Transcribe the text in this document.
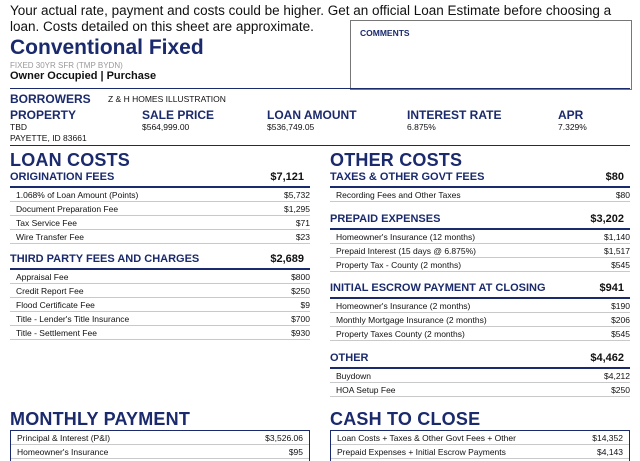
Your actual rate, payment and costs could be higher. Get an official Loan Estimate before choosing a loan. Costs detailed on this sheet are approximate.	COMMENTS
Conventional Fixed
FIXED 30YR SFR (TMP BYDN)
Owner Occupied | Purchase
BORROWERS Z & H HOMES ILLUSTRATION
PROPERTY
TBD
PAYETTE, ID 83661
SALE PRICE
$564,999.00
LOAN AMOUNT
$536,749.05
INTEREST RATE
6.875%
APR
7.329%
LOAN COSTS
ORIGINATION FEES	$7,121
1.068% of Loan Amount (Points)	$5,732
Document Preparation Fee	$1,295
Tax Service Fee	$71
Wire Transfer Fee	$23
THIRD PARTY FEES AND CHARGES	$2,689
Appraisal Fee	$800
Credit Report Fee	$250
Flood Certificate Fee	$9
Title - Lender's Title Insurance	$700
Title - Settlement Fee	$930
OTHER COSTS
TAXES & OTHER GOVT FEES	$80
Recording Fees and Other Taxes	$80
PREPAID EXPENSES	$3,202
Homeowner's Insurance (12 months)	$1,140
Prepaid Interest (15 days @ 6.875%)	$1,517
Property Tax - County (2 months)	$545
INITIAL ESCROW PAYMENT AT CLOSING	$941
Homeowner's Insurance (2 months)	$190
Monthly Mortgage Insurance (2 months)	$206
Property Taxes County (2 months)	$545
OTHER	$4,462
Buydown	$4,212
HOA Setup Fee	$250
MONTHLY PAYMENT
Principal & Interest (P&I)	$3,526.06
Homeowner's Insurance	$95
CASH TO CLOSE
Loan Costs + Taxes & Other Govt Fees + Other	$14,352
Prepaid Expenses + Initial Escrow Payments	$4,143
